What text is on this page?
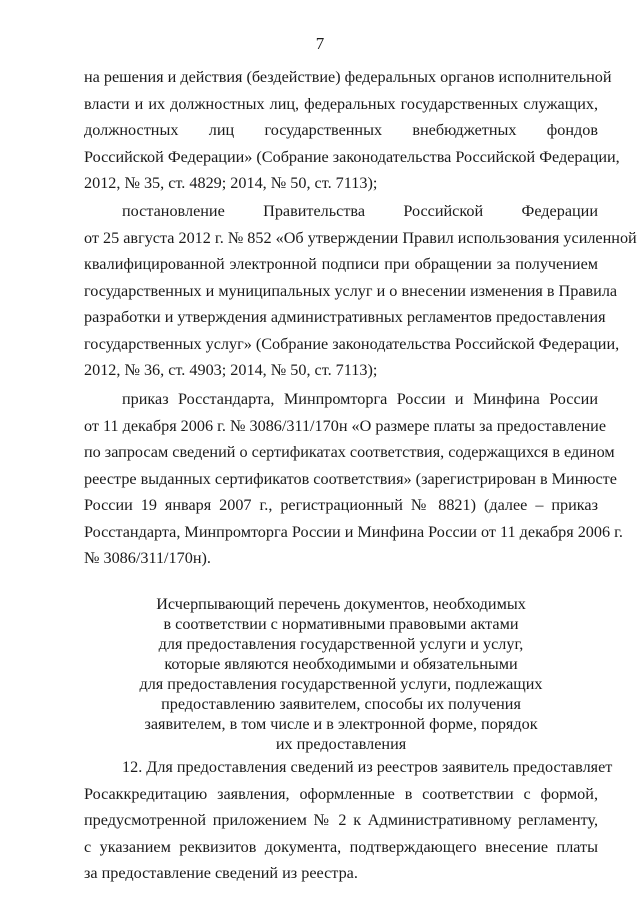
7
на решения и действия (бездействие) федеральных органов исполнительной
власти и их должностных лиц, федеральных государственных служащих,
должностных лиц государственных внебюджетных фондов
Российской Федерации» (Собрание законодательства Российской Федерации,
2012, № 35, ст. 4829; 2014, № 50, ст. 7113);
постановление Правительства Российской Федерации
от 25 августа 2012 г. № 852 «Об утверждении Правил использования усиленной
квалифицированной электронной подписи при обращении за получением
государственных и муниципальных услуг и о внесении изменения в Правила
разработки и утверждения административных регламентов предоставления
государственных услуг» (Собрание законодательства Российской Федерации,
2012, № 36, ст. 4903; 2014, № 50, ст. 7113);
приказ Росстандарта, Минпромторга России и Минфина России
от 11 декабря 2006 г. № 3086/311/170н «О размере платы за предоставление
по запросам сведений о сертификатах соответствия, содержащихся в едином
реестре выданных сертификатов соответствия» (зарегистрирован в Минюсте
России 19 января 2007 г., регистрационный № 8821) (далее – приказ
Росстандарта, Минпромторга России и Минфина России от 11 декабря 2006 г.
№ 3086/311/170н).
Исчерпывающий перечень документов, необходимых
в соответствии с нормативными правовыми актами
для предоставления государственной услуги и услуг,
которые являются необходимыми и обязательными
для предоставления государственной услуги, подлежащих
предоставлению заявителем, способы их получения
заявителем, в том числе и в электронной форме, порядок
их предоставления
12. Для предоставления сведений из реестров заявитель предоставляет
Росаккредитацию заявления, оформленные в соответствии с формой,
предусмотренной приложением № 2 к Административному регламенту,
с указанием реквизитов документа, подтверждающего внесение платы
за предоставление сведений из реестра.
